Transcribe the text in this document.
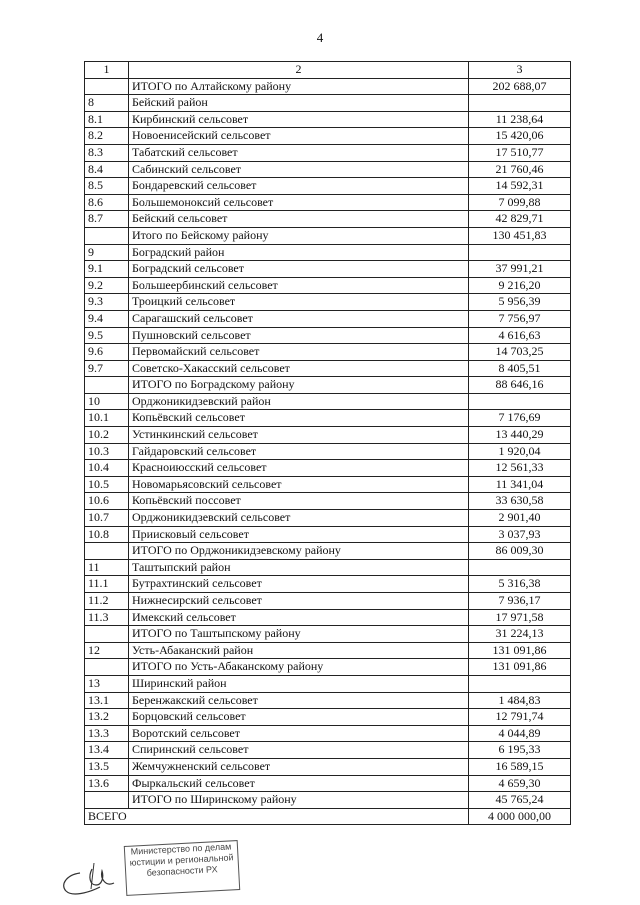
4
1	2	3
	ИТОГО по Алтайскому району	202 688,07
8	Бейский район	
8.1	Кирбинский сельсовет	11 238,64
8.2	Новоенисейский сельсовет	15 420,06
8.3	Табатский сельсовет	17 510,77
8.4	Сабинский сельсовет	21 760,46
8.5	Бондаревский сельсовет	14 592,31
8.6	Большемоноксий сельсовет	7 099,88
8.7	Бейский сельсовет	42 829,71
	Итого по Бейскому району	130 451,83
9	Боградский район	
9.1	Боградский сельсовет	37 991,21
9.2	Большеербинский сельсовет	9 216,20
9.3	Троицкий сельсовет	5 956,39
9.4	Сарагашский сельсовет	7 756,97
9.5	Пушновский сельсовет	4 616,63
9.6	Первомайский сельсовет	14 703,25
9.7	Советско-Хакасский сельсовет	8 405,51
	ИТОГО по Боградскому району	88 646,16
10	Орджоникидзевский район	
10.1	Копьёвский сельсовет	7 176,69
10.2	Устинкинский сельсовет	13 440,29
10.3	Гайдаровский сельсовет	1 920,04
10.4	Красноиюсский сельсовет	12 561,33
10.5	Новомарьясовский сельсовет	11 341,04
10.6	Копьёвский поссовет	33 630,58
10.7	Орджоникидзевский сельсовет	2 901,40
10.8	Приисковый сельсовет	3 037,93
	ИТОГО по Орджоникидзевскому району	86 009,30
11	Таштыпский район	
11.1	Бутрахтинский сельсовет	5 316,38
11.2	Нижнесирский сельсовет	7 936,17
11.3	Имекский сельсовет	17 971,58
	ИТОГО по Таштыпскому району	31 224,13
12	Усть-Абаканский район	131 091,86
	ИТОГО по Усть-Абаканскому району	131 091,86
13	Ширинский район	
13.1	Беренжакский сельсовет	1 484,83
13.2	Борцовский сельсовет	12 791,74
13.3	Воротский сельсовет	4 044,89
13.4	Спиринский сельсовет	6 195,33
13.5	Жемчужненский сельсовет	16 589,15
13.6	Фыркальский сельсовет	4 659,30
	ИТОГО по Ширинскому району	45 765,24
ВСЕГО		4 000 000,00
Министерство по делам
юстиции и региональной
безопасности РХ
